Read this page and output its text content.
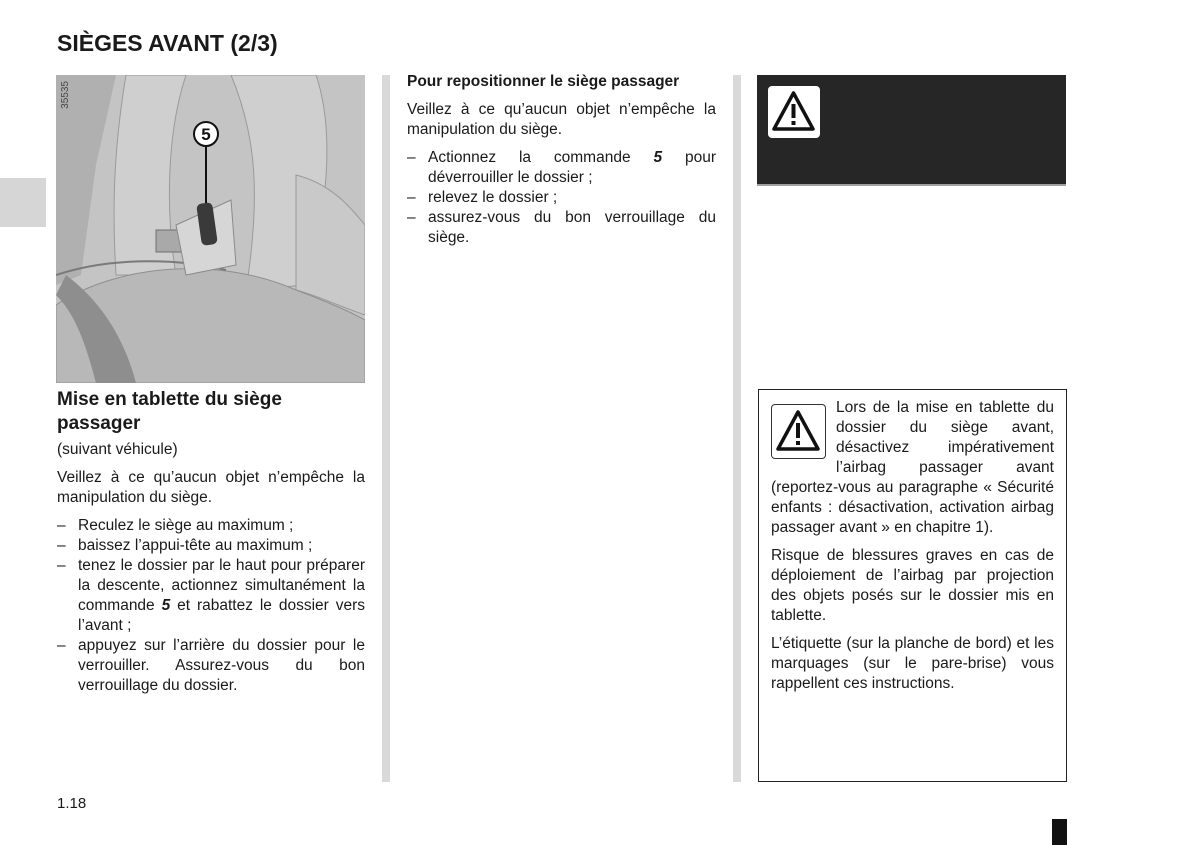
SIÈGES AVANT (2/3)
5
35535
Mise en tablette du siège passager

(suivant véhicule)

Veillez à ce qu’aucun objet n’empêche la manipulation du siège.

– Reculez le siège au maximum ;
– baissez l’appui-tête au maximum ;
– tenez le dossier par le haut pour préparer la descente, actionnez simultanément la commande 5 et rabattez le dossier vers l’avant ;
– appuyez sur l’arrière du dossier pour le verrouiller. Assurez-vous du bon verrouillage du dossier.

Pour repositionner le siège passager

Veillez à ce qu’aucun objet n’empêche la manipulation du siège.

– Actionnez la commande 5 pour déverrouiller le dossier ;
– relevez le dossier ;
– assurez-vous du bon verrouillage du siège.

Lors de la mise en tablette du dossier du siège avant, désactivez impérativement l’airbag passager avant (reportez-vous au paragraphe « Sécurité enfants : désactivation, activation airbag passager avant » en chapitre 1).

Risque de blessures graves en cas de déploiement de l’airbag par projection des objets posés sur le dossier mis en tablette.

L’étiquette (sur la planche de bord) et les marquages (sur le pare-brise) vous rappellent ces instructions.

1.18
